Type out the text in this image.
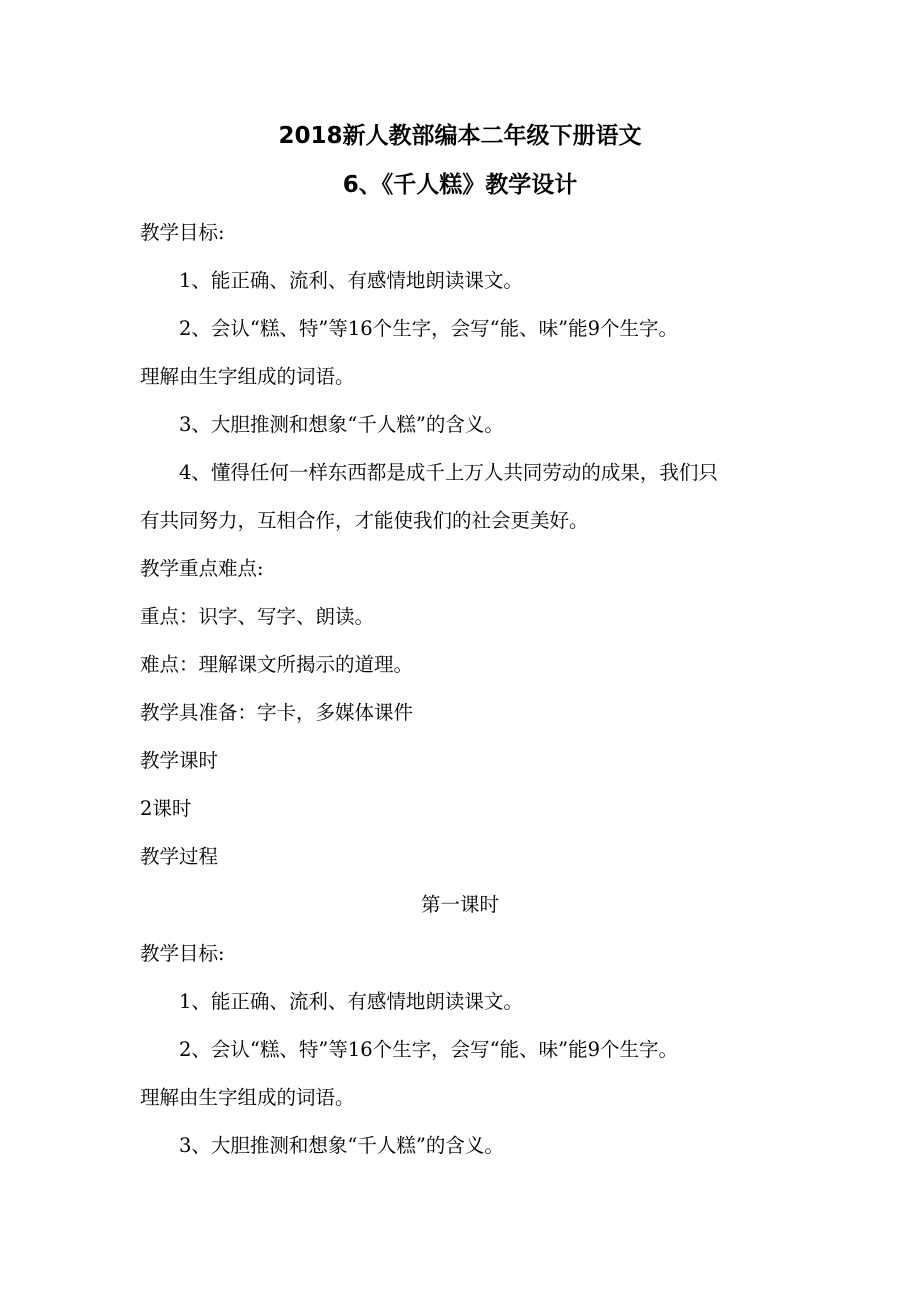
2018新人教部编本二年级下册语文
6、《千人糕》教学设计

教学目标:

1、能正确、流利、有感情地朗读课文。

2、会认“糕、特”等16个生字，会写“能、味”能9个生字。

理解由生字组成的词语。

3、大胆推测和想象“千人糕”的含义。

4、懂得任何一样东西都是成千上万人共同劳动的成果，我们只

有共同努力，互相合作，才能使我们的社会更美好。

教学重点难点:

重点：识字、写字、朗读。

难点：理解课文所揭示的道理。

教学具准备：字卡，多媒体课件

教学课时

2课时

教学过程

第一课时

教学目标:

1、能正确、流利、有感情地朗读课文。

2、会认“糕、特”等16个生字，会写“能、味”能9个生字。

理解由生字组成的词语。

3、大胆推测和想象“千人糕”的含义。
